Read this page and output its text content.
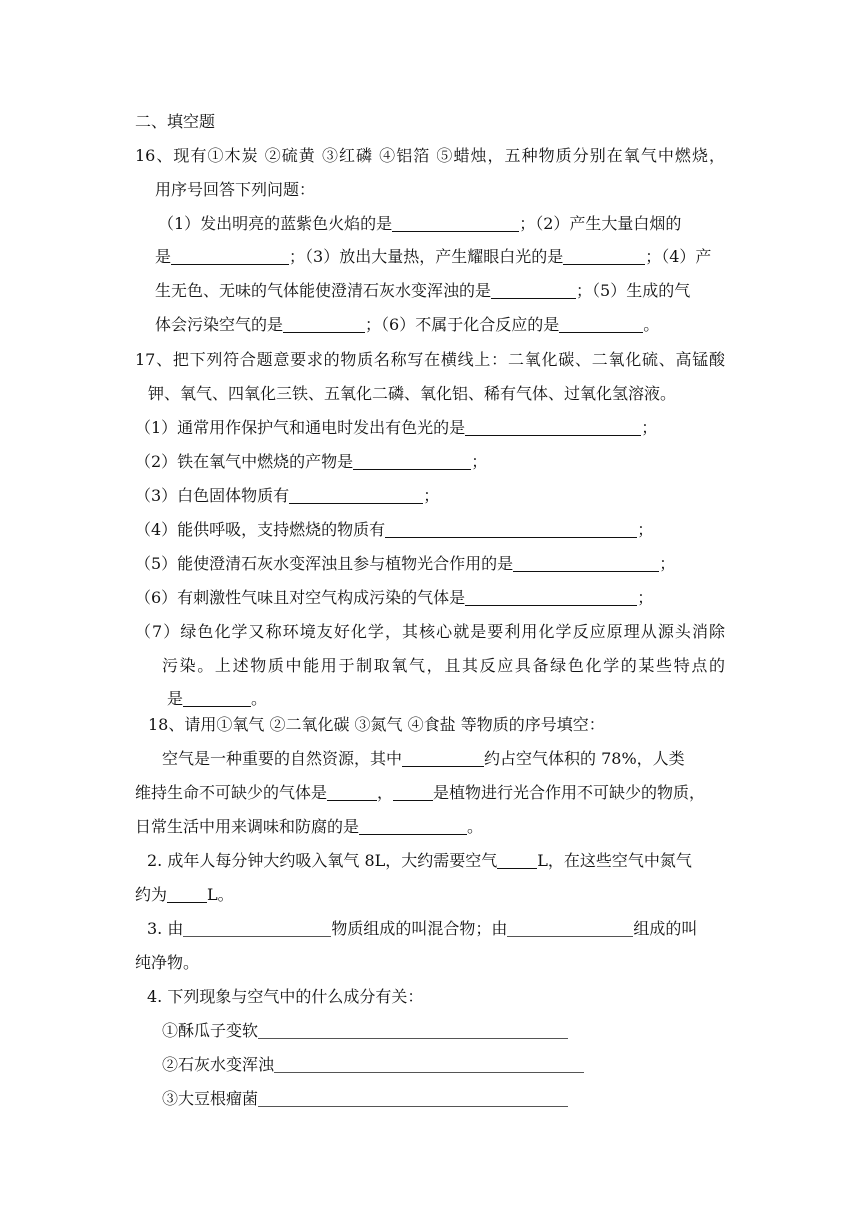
二、填空题
16、现有①木炭 ②硫黄 ③红磷 ④铝箔 ⑤蜡烛，五种物质分别在氧气中燃烧，
用序号回答下列问题：
（1）发出明亮的蓝紫色火焰的是	；（2）产生大量白烟的
是	；（3）放出大量热，产生耀眼白光的是	；（4）产
生无色、无味的气体能使澄清石灰水变浑浊的是	；（5）生成的气
体会污染空气的是	；（6）不属于化合反应的是	。
17、把下列符合题意要求的物质名称写在横线上：二氧化碳、二氧化硫、高锰酸
钾、氧气、四氧化三铁、五氧化二磷、氧化铝、稀有气体、过氧化氢溶液。
（1）通常用作保护气和通电时发出有色光的是	；
（2）铁在氧气中燃烧的产物是	；
（3）白色固体物质有	；
（4）能供呼吸，支持燃烧的物质有	；
（5）能使澄清石灰水变浑浊且参与植物光合作用的是	；
（6）有刺激性气味且对空气构成污染的气体是	；
（7）绿色化学又称环境友好化学，其核心就是要利用化学反应原理从源头消除
污染。上述物质中能用于制取氧气，且其反应具备绿色化学的某些特点的
是	。
18、请用①氧气 ②二氧化碳 ③氮气 ④食盐 等物质的序号填空：
空气是一种重要的自然资源，其中	约占空气体积的 78%，人类
维持生命不可缺少的气体是	，	是植物进行光合作用不可缺少的物质，
日常生活中用来调味和防腐的是	。
2. 成年人每分钟大约吸入氧气 8L，大约需要空气	L，在这些空气中氮气
约为	L。
3. 由	物质组成的叫混合物；由	组成的叫
纯净物。
4. 下列现象与空气中的什么成分有关：
①酥瓜子变软
②石灰水变浑浊
③大豆根瘤菌
